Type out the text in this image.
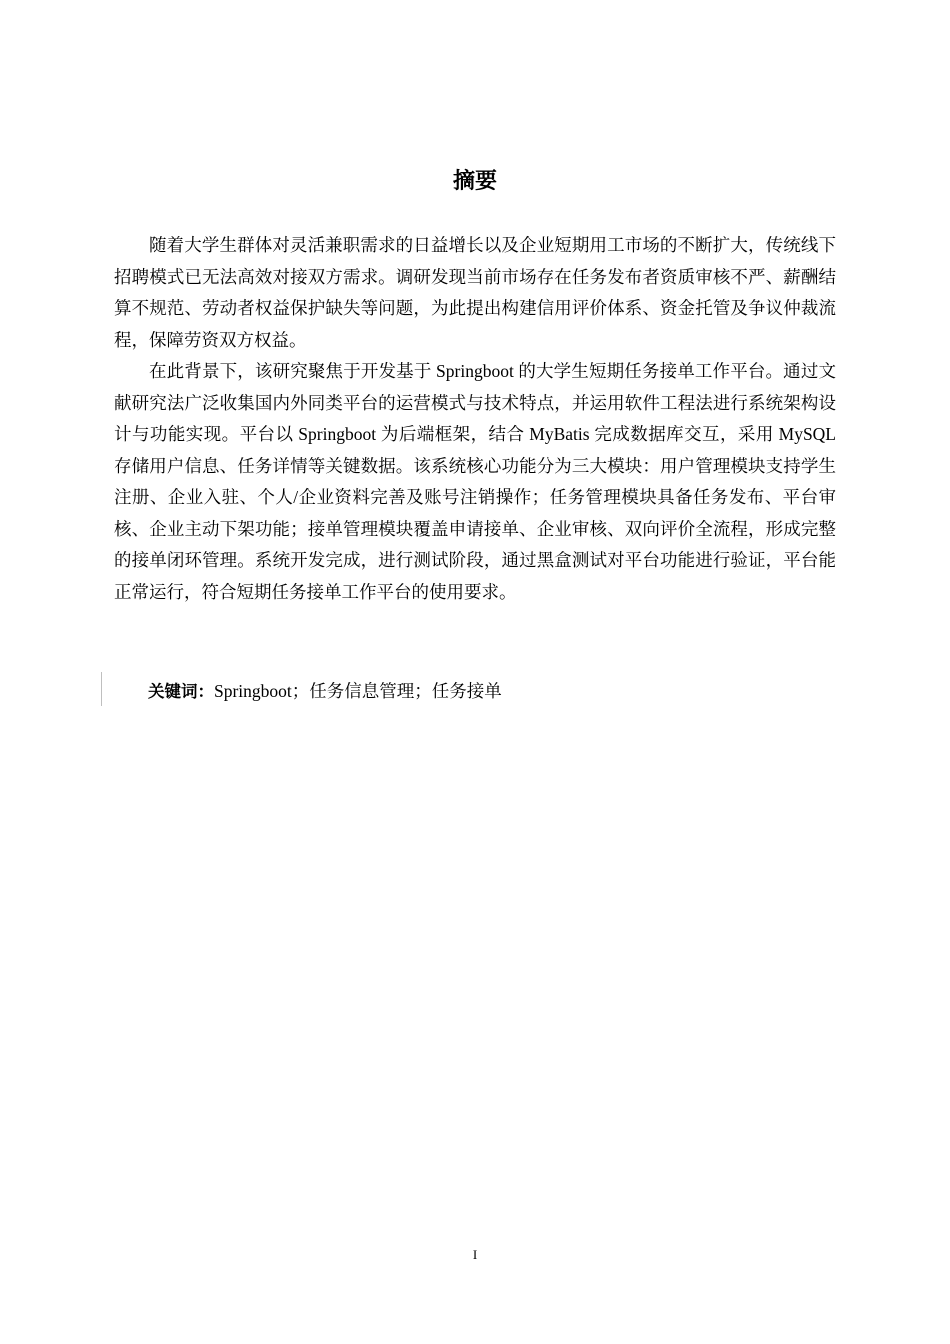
摘要

随着大学生群体对灵活兼职需求的日益增长以及企业短期用工市场的不断扩大，传统线下招聘模式已无法高效对接双方需求。调研发现当前市场存在任务发布者资质审核不严、薪酬结算不规范、劳动者权益保护缺失等问题，为此提出构建信用评价体系、资金托管及争议仲裁流程，保障劳资双方权益。

在此背景下，该研究聚焦于开发基于 Springboot 的大学生短期任务接单工作平台。通过文献研究法广泛收集国内外同类平台的运营模式与技术特点，并运用软件工程法进行系统架构设计与功能实现。平台以 Springboot 为后端框架，结合 MyBatis 完成数据库交互，采用 MySQL 存储用户信息、任务详情等关键数据。该系统核心功能分为三大模块：用户管理模块支持学生注册、企业入驻、个人/企业资料完善及账号注销操作；任务管理模块具备任务发布、平台审核、企业主动下架功能；接单管理模块覆盖申请接单、企业审核、双向评价全流程，形成完整的接单闭环管理。系统开发完成，进行测试阶段，通过黑盒测试对平台功能进行验证，平台能正常运行，符合短期任务接单工作平台的使用要求。

关键词：Springboot；任务信息管理；任务接单

I
